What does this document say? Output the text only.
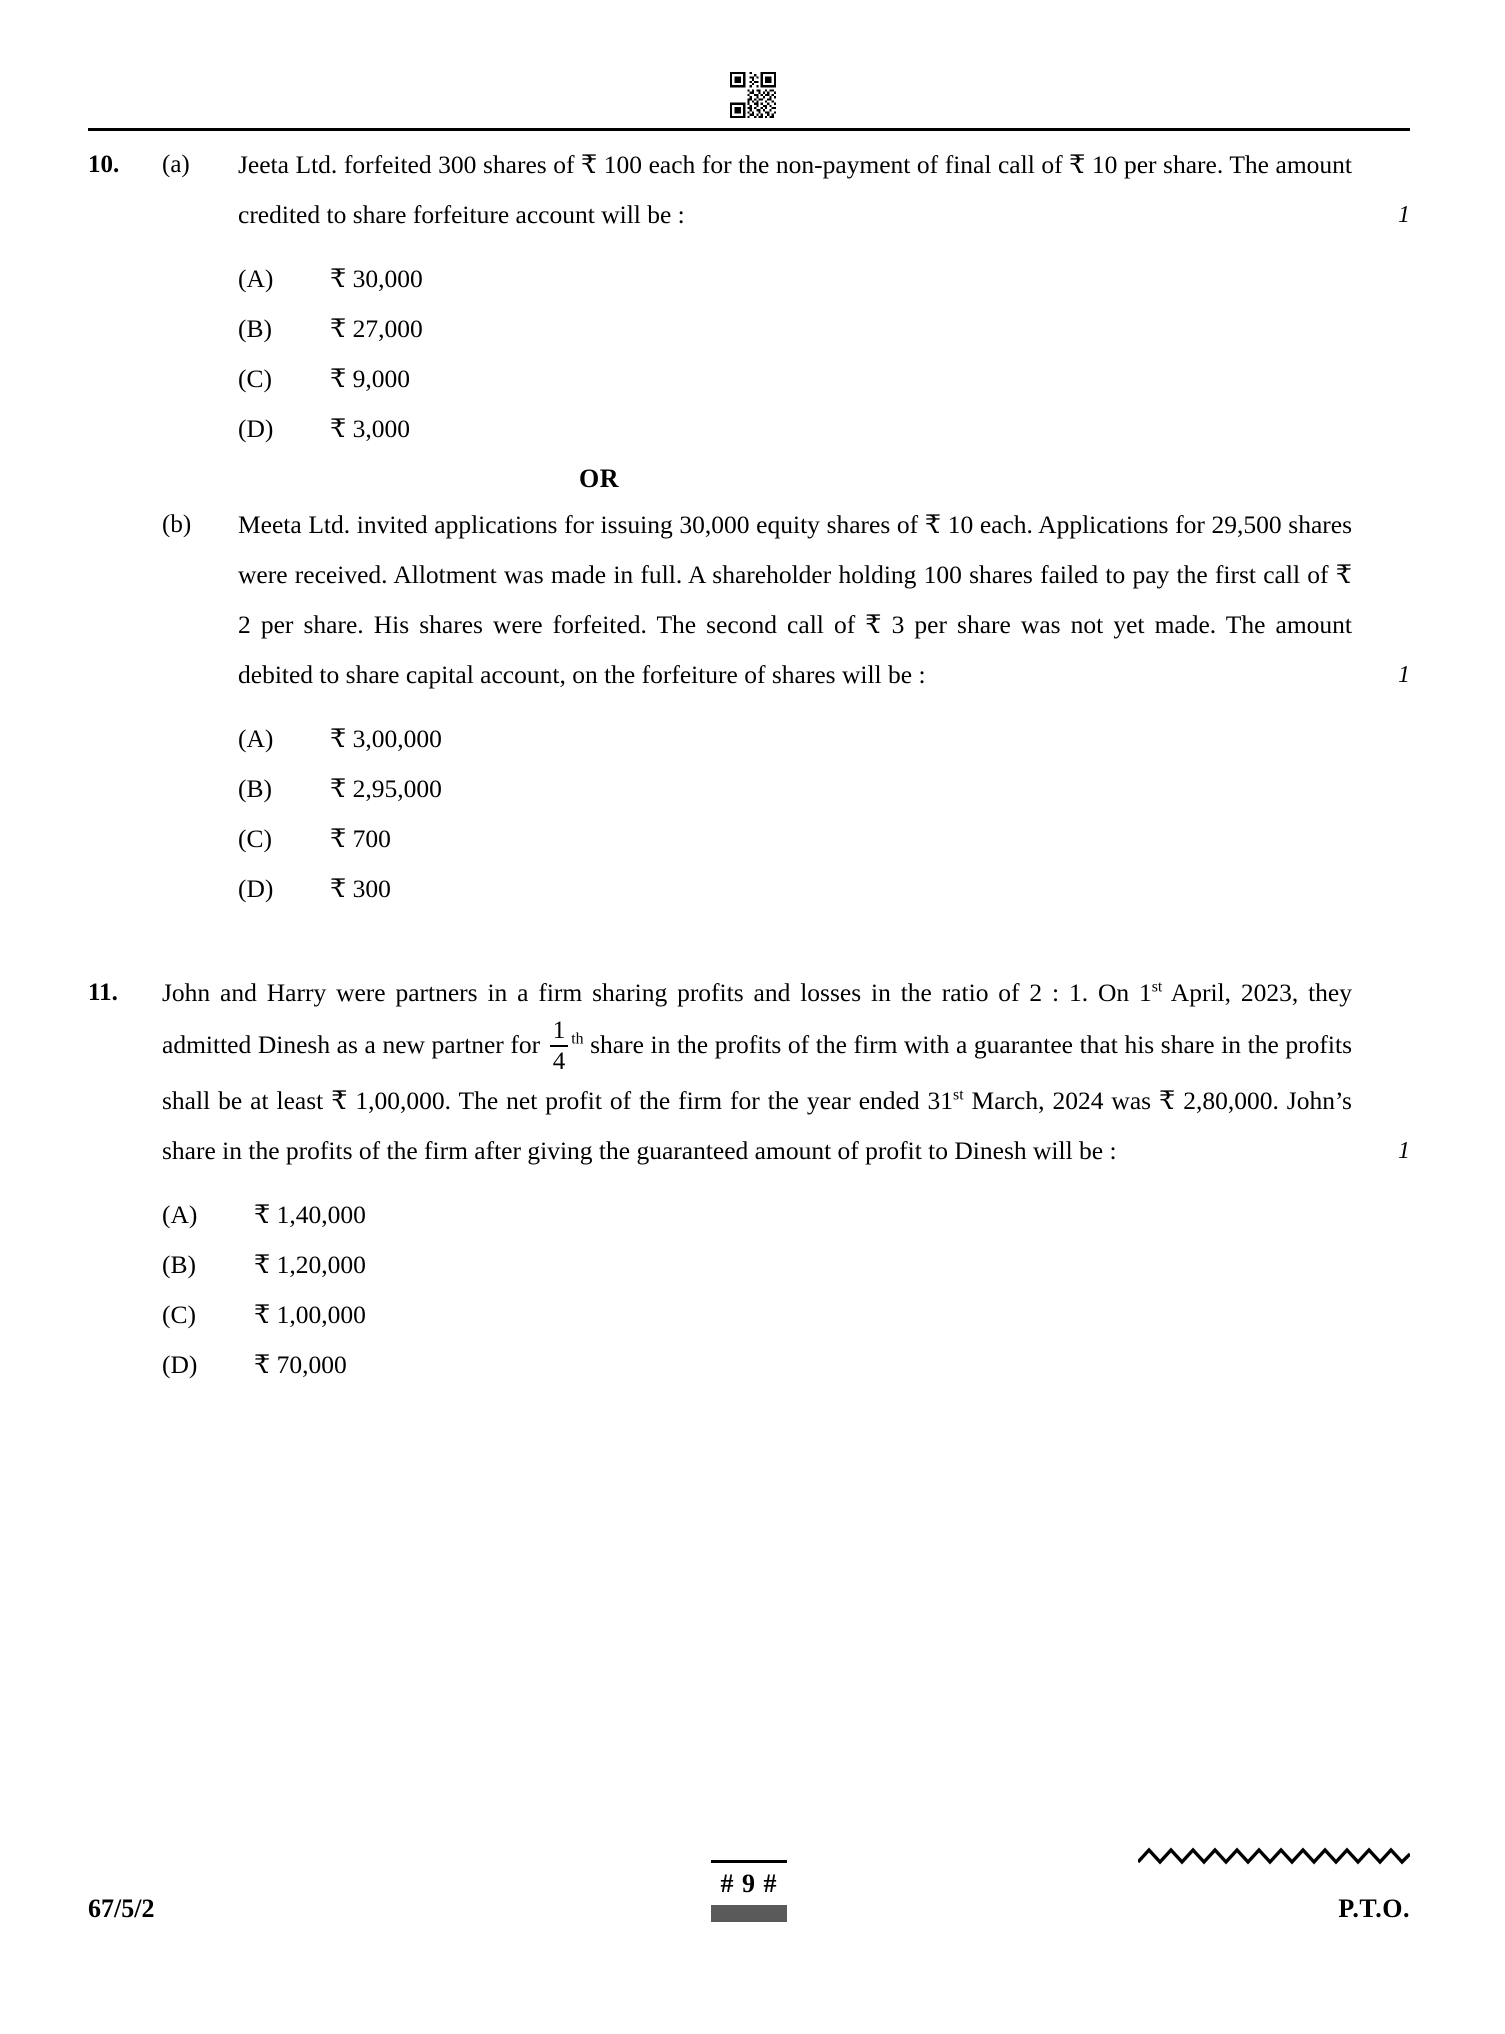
10.	(a)	Jeeta Ltd. forfeited 300 shares of ₹ 100 each for the non-payment of final call of ₹ 10 per share. The amount credited to share forfeiture account will be :	1
(A)	₹ 30,000
(B)	₹ 27,000
(C)	₹ 9,000
(D)	₹ 3,000
OR
(b)	Meeta Ltd. invited applications for issuing 30,000 equity shares of ₹ 10 each. Applications for 29,500 shares were received. Allotment was made in full. A shareholder holding 100 shares failed to pay the first call of ₹ 2 per share. His shares were forfeited. The second call of ₹ 3 per share was not yet made. The amount debited to share capital account, on the forfeiture of shares will be :	1
(A)	₹ 3,00,000
(B)	₹ 2,95,000
(C)	₹ 700
(D)	₹ 300
11.	John and Harry were partners in a firm sharing profits and losses in the ratio of 2 : 1. On 1st April, 2023, they admitted Dinesh as a new partner for $\frac{1}{4} ^{th}$ share in the profits of the firm with a guarantee that his share in the profits shall be at least ₹ 1,00,000. The net profit of the firm for the year ended 31st March, 2024 was ₹ 2,80,000. John’s share in the profits of the firm after giving the guaranteed amount of profit to Dinesh will be :	1
(A)	₹ 1,40,000
(B)	₹ 1,20,000
(C)	₹ 1,00,000
(D)	₹ 70,000
67/5/2
# 9 #
P.T.O.
